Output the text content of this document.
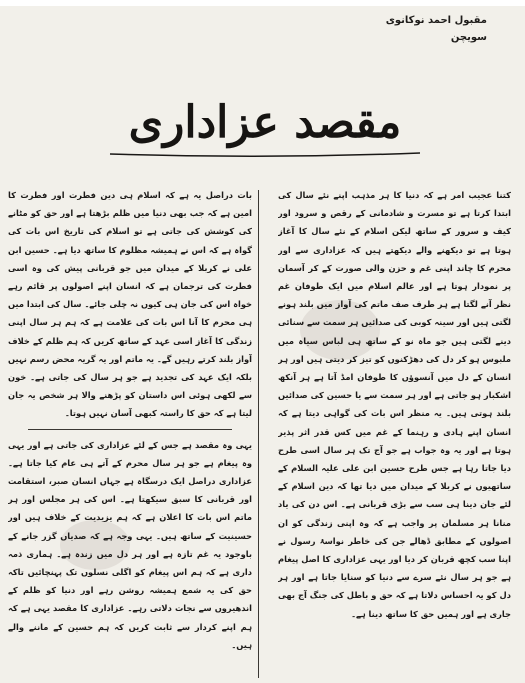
مقبول احمد نوکانوی
سویچن
مقصد عزاداری

کتنا عجیب امر ہے کہ دنیا کا ہر مذہب اپنے نئے سال کی ابتدا کرتا ہے تو مسرت و شادمانی کے رقص و سرود اور کیف و سرور کے ساتھ لیکن اسلام کے نئے سال کا آغاز ہوتا ہے تو دیکھنے والے دیکھتے ہیں کہ عزاداری سے اور محرم کا چاند اپنی غم و حزن والی صورت کے کر آسمان پر نمودار ہوتا ہے اور عالم اسلام میں ایک طوفان غم نظر آنے لگتا ہے ہر طرف صف ماتم کی آواز میں بلند ہونے لگتی ہیں اور سینہ کوبی کی صدائیں ہر سمت سے سنائی دینے لگتی ہیں جو ماہ نو کے ساتھ ہی لباس سیاہ میں ملبوس ہو کر دل کی دھڑکنوں کو تیز کر دیتی ہیں اور ہر انسان کے دل میں آنسوؤں کا طوفان امڈ آتا ہے ہر آنکھ اشکبار ہو جاتی ہے اور ہر سمت سے یا حسین کی صدائیں بلند ہوتی ہیں۔ یہ منظر اس بات کی گواہی دیتا ہے کہ انسان اپنے ہادی و رہنما کے غم میں کس قدر اثر پذیر ہوتا ہے اور یہ وہ جواب ہے جو آج تک ہر سال اسی طرح دیا جاتا رہا ہے جس طرح حسین ابن علی علیہ السلام کے ساتھیوں نے کربلا کے میدان میں دیا تھا کہ دین اسلام کے لئے جان دینا ہی سب سے بڑی قربانی ہے۔ اس دن کی یاد منانا ہر مسلمان پر واجب ہے کہ وہ اپنی زندگی کو ان اصولوں کے مطابق ڈھالے جن کی خاطر نواسۂ رسول نے اپنا سب کچھ قربان کر دیا اور یہی عزاداری کا اصل پیغام ہے جو ہر سال نئے سرے سے دنیا کو سنایا جاتا ہے اور ہر دل کو یہ احساس دلاتا ہے کہ حق و باطل کی جنگ آج بھی جاری ہے اور ہمیں حق کا ساتھ دینا ہے۔

بات دراصل یہ ہے کہ اسلام ہی دین فطرت اور فطرت کا امین ہے کہ جب بھی دنیا میں ظلم بڑھتا ہے اور حق کو مٹانے کی کوشش کی جاتی ہے تو اسلام کی تاریخ اس بات کی گواہ ہے کہ اس نے ہمیشہ مظلوم کا ساتھ دیا ہے۔ حسین ابن علی نے کربلا کے میدان میں جو قربانی پیش کی وہ اسی فطرت کی ترجمان ہے کہ انسان اپنے اصولوں پر قائم رہے خواہ اس کی جان ہی کیوں نہ چلی جائے۔ سال کی ابتدا میں ہی محرم کا آنا اس بات کی علامت ہے کہ ہم ہر سال اپنی زندگی کا آغاز اسی عہد کے ساتھ کریں کہ ہم ظلم کے خلاف آواز بلند کرتے رہیں گے۔ یہ ماتم اور یہ گریہ محض رسم نہیں بلکہ ایک عہد کی تجدید ہے جو ہر سال کی جاتی ہے۔ خون سے لکھی ہوئی اس داستان کو پڑھنے والا ہر شخص یہ جان لیتا ہے کہ حق کا راستہ کبھی آسان نہیں ہوتا۔

یہی وہ مقصد ہے جس کے لئے عزاداری کی جاتی ہے اور یہی وہ پیغام ہے جو ہر سال محرم کے آتے ہی عام کیا جاتا ہے۔ عزاداری دراصل ایک درسگاہ ہے جہاں انسان صبر، استقامت اور قربانی کا سبق سیکھتا ہے۔ اس کی ہر مجلس اور ہر ماتم اس بات کا اعلان ہے کہ ہم یزیدیت کے خلاف ہیں اور حسینیت کے ساتھ ہیں۔ یہی وجہ ہے کہ صدیاں گزر جانے کے باوجود یہ غم تازہ ہے اور ہر دل میں زندہ ہے۔ ہماری ذمہ داری ہے کہ ہم اس پیغام کو اگلی نسلوں تک پہنچائیں تاکہ حق کی یہ شمع ہمیشہ روشن رہے اور دنیا کو ظلم کے اندھیروں سے نجات دلاتی رہے۔ عزاداری کا مقصد یہی ہے کہ ہم اپنے کردار سے ثابت کریں کہ ہم حسین کے ماننے والے ہیں۔
